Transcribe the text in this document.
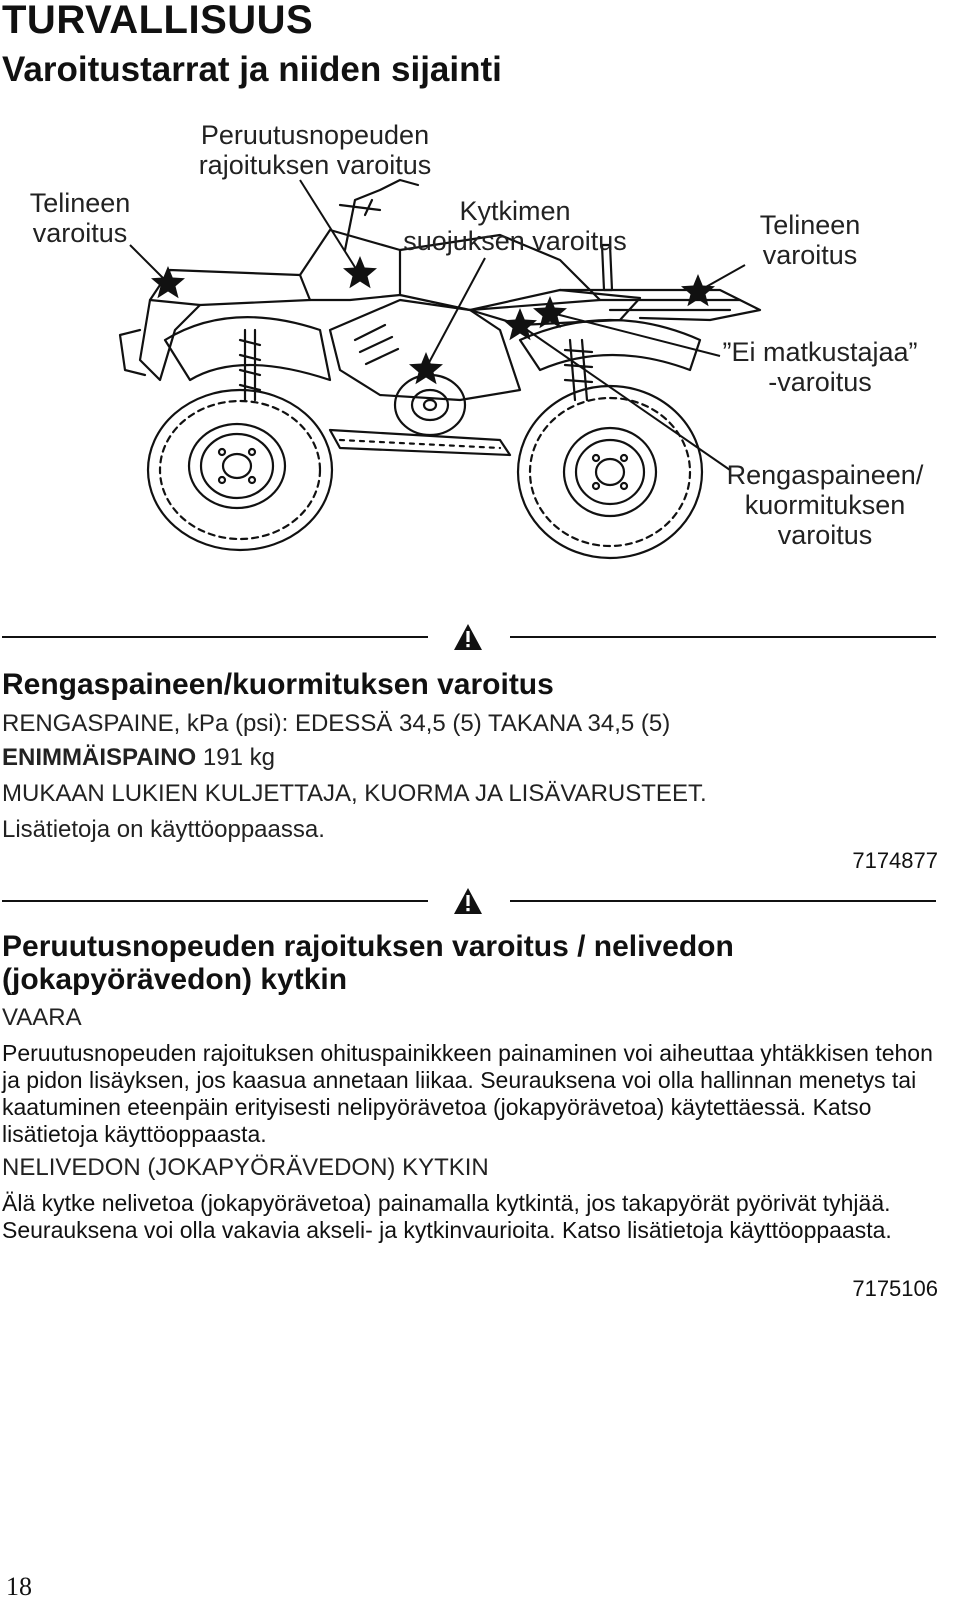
TURVALLISUUS
Varoitustarrat ja niiden sijainti
Telineen
varoitus
Peruutusnopeuden
rajoituksen varoitus
Kytkimen
suojuksen varoitus
Telineen
varoitus
”Ei matkustajaa”
-varoitus
Rengaspaineen/
kuormituksen
varoitus
Rengaspaineen/kuormituksen varoitus
RENGASPAINE, kPa (psi): EDESSÄ 34,5 (5) TAKANA 34,5 (5)
ENIMMÄISPAINO 191 kg
MUKAAN LUKIEN KULJETTAJA, KUORMA JA LISÄVARUSTEET.
Lisätietoja on käyttöoppaassa.
7174877
Peruutusnopeuden rajoituksen varoitus / nelivedon
(jokapyörävedon) kytkin
VAARA
Peruutusnopeuden rajoituksen ohituspainikkeen painaminen voi aiheuttaa yhtäkkisen tehon ja pidon lisäyksen, jos kaasua annetaan liikaa. Seurauksena voi olla hallinnan menetys tai kaatuminen eteenpäin erityisesti nelipyörävetoa (jokapyörävetoa) käytettäessä. Katso lisätietoja käyttöoppaasta.
NELIVEDON (JOKAPYÖRÄVEDON) KYTKIN
Älä kytke nelivetoa (jokapyörävetoa) painamalla kytkintä, jos takapyörät pyörivät tyhjää. Seurauksena voi olla vakavia akseli- ja kytkinvaurioita. Katso lisätietoja käyttöoppaasta.
7175106
18
